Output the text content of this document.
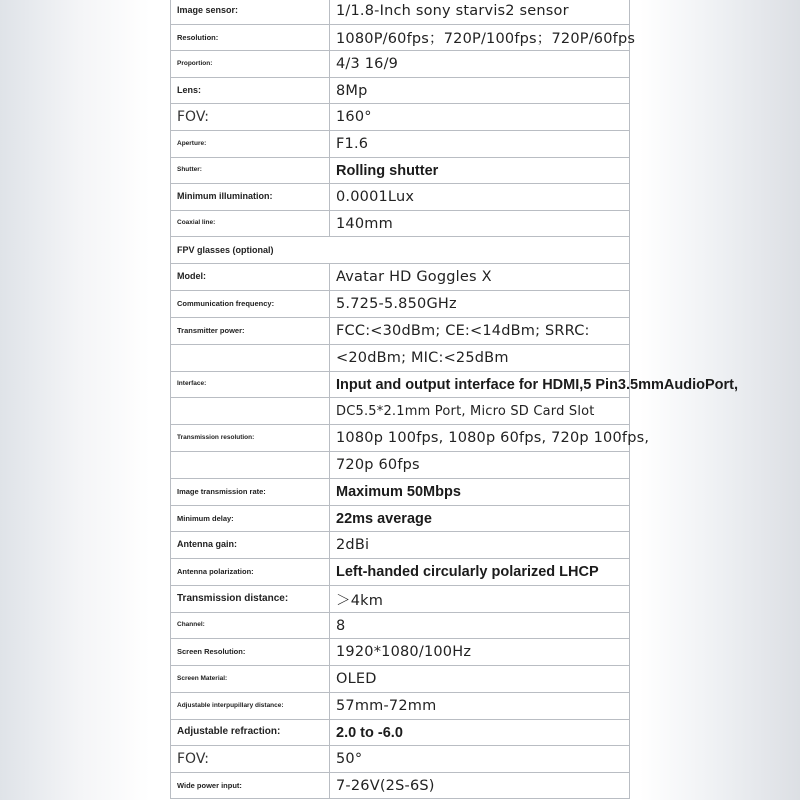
Image sensor:	1/1.8-Inch sony starvis2 sensor
Resolution:	1080P/60fps；720P/100fps；720P/60fps
Proportion:	4/3 16/9
Lens:	8Mp
FOV:	160°
Aperture:	F1.6
Shutter:	Rolling shutter
Minimum illumination:	0.0001Lux
Coaxial line:	140mm
FPV glasses (optional)	
Model:	Avatar HD Goggles X
Communication frequency:	5.725-5.850GHz
Transmitter power:	FCC:<30dBm; CE:<14dBm; SRRC:
	<20dBm; MIC:<25dBm
Interface:	Input and output interface for HDMI,5 Pin3.5mmAudioPort,
	DC5.5*2.1mm Port, Micro SD Card Slot
Transmission resolution:	1080p 100fps, 1080p 60fps, 720p 100fps,
	720p 60fps
Image transmission rate:	Maximum 50Mbps
Minimum delay:	22ms average
Antenna gain:	2dBi
Antenna polarization:	Left-handed circularly polarized LHCP
Transmission distance:	＞4km
Channel:	8
Screen Resolution:	1920*1080/100Hz
Screen Material:	OLED
Adjustable interpupillary distance:	57mm-72mm
Adjustable refraction:	2.0 to -6.0
FOV:	50°
Wide power input:	7-26V(2S-6S)
